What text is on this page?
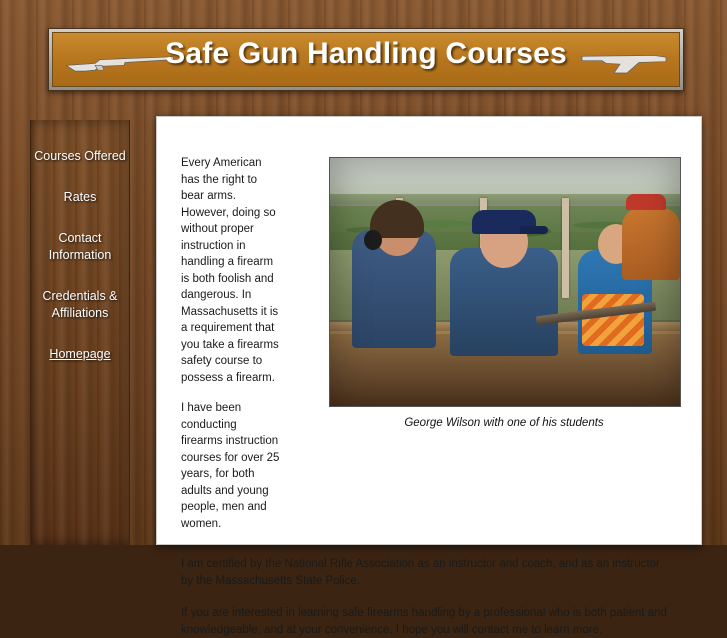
Safe Gun Handling Courses
Courses Offered
Rates
Contact Information
Credentials & Affiliations
Homepage
George Wilson with one of his students

Every American has the right to bear arms. However, doing so without proper instruction in handling a firearm is both foolish and dangerous. In Massachusetts it is a requirement that you take a firearms safety course to possess a firearm.

I have been conducting firearms instruction courses for over 25 years, for both adults and young people, men and women.

I am certified by the National Rifle Association as an instructor and coach, and as an instructor by the Massachusetts State Police.

If you are interested in learning safe firearms handling by a professional who is both patient and knowledgeable, and at your convenience, I hope you will contact me to learn more.
